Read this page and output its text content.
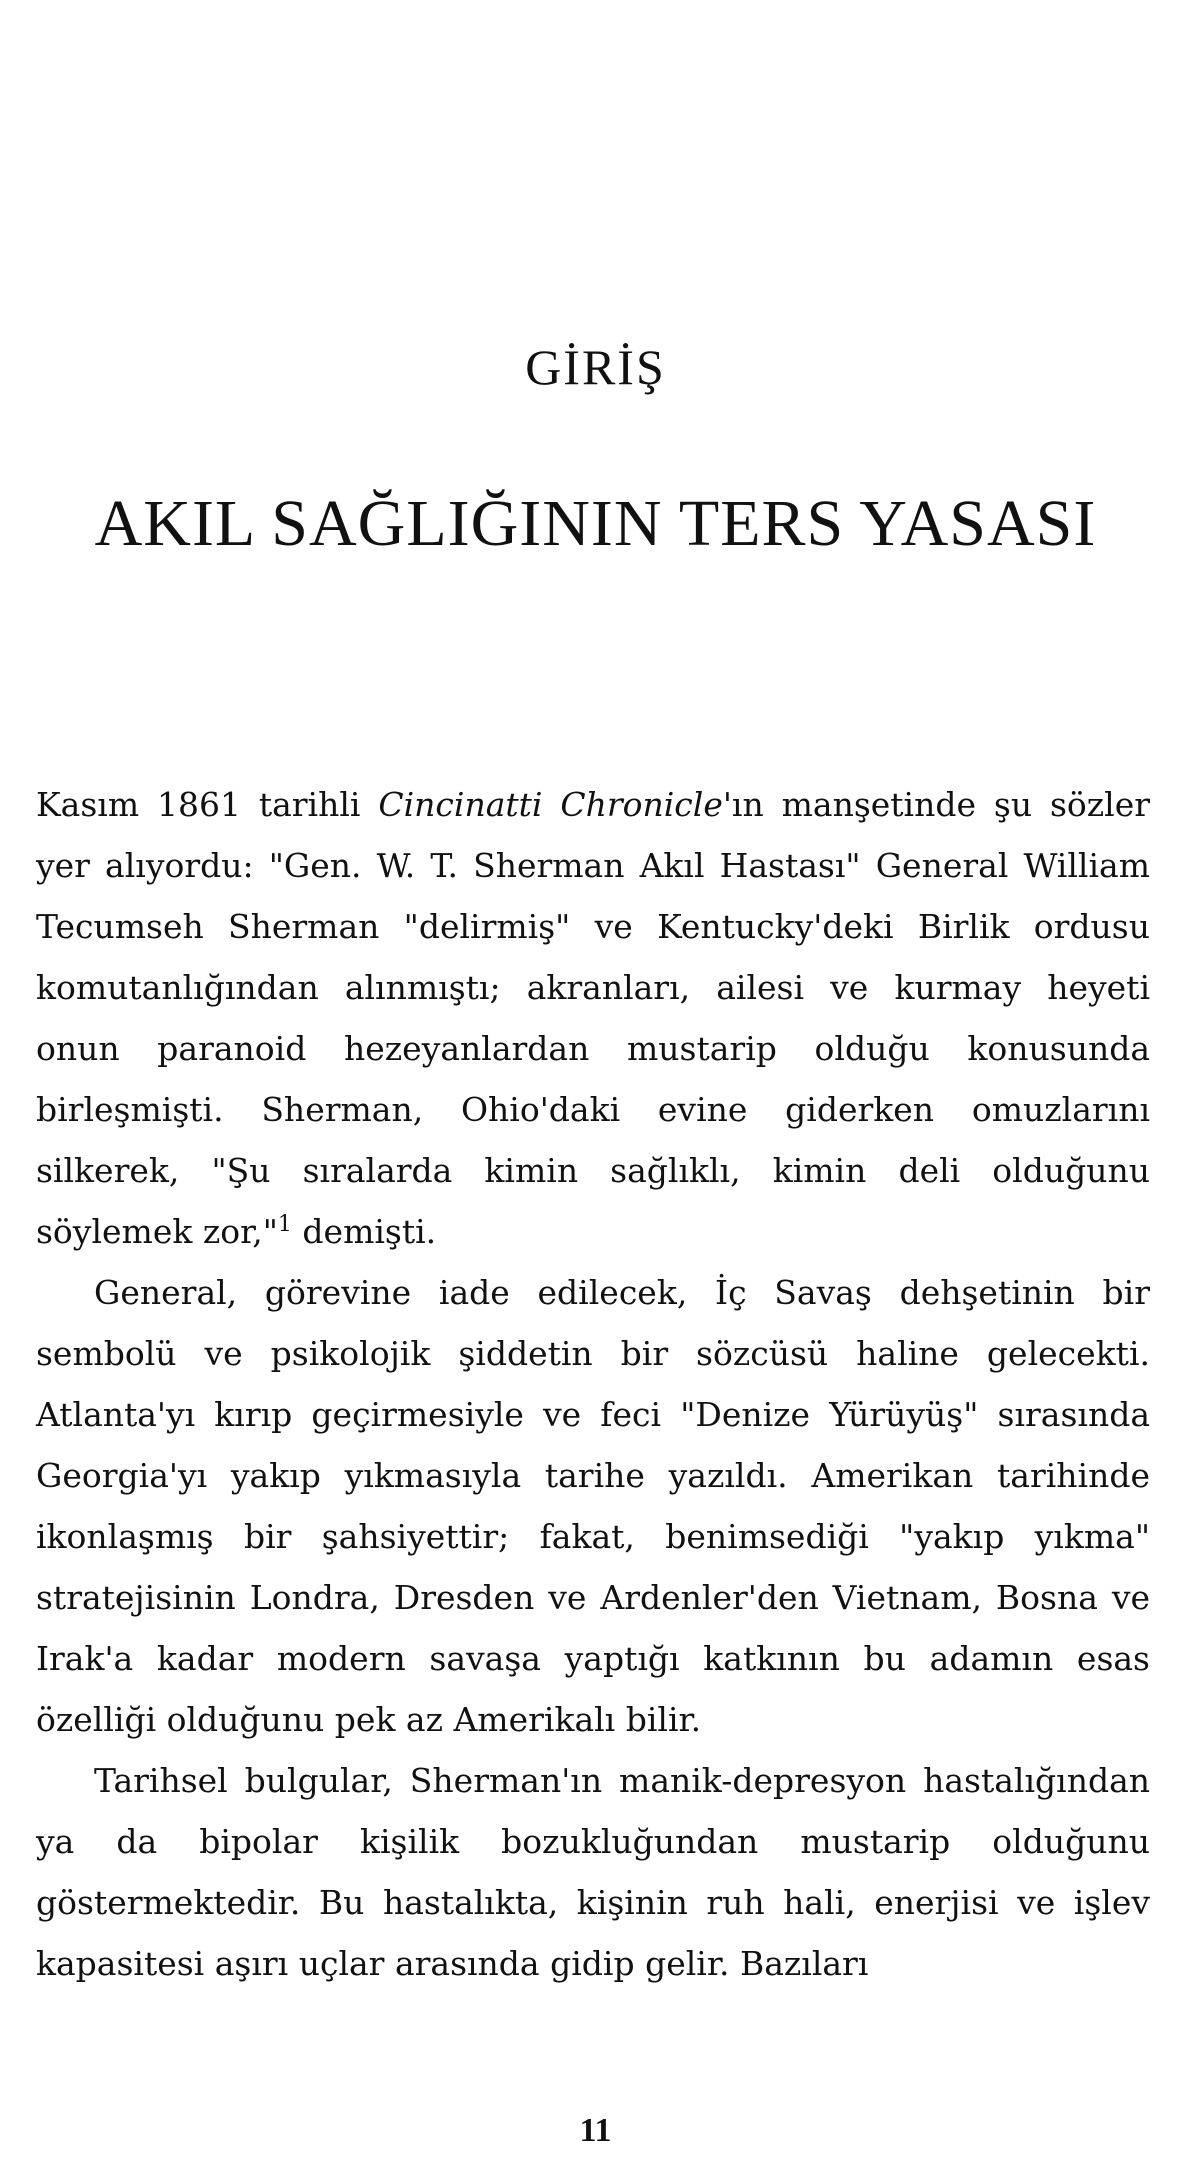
GİRİŞ
AKIL SAĞLIĞININ TERS YASASI

Kasım 1861 tarihli Cincinatti Chronicle'ın manşetinde şu sözler yer alıyordu: "Gen. W. T. Sherman Akıl Hastası" General William Tecumseh Sherman "delirmiş" ve Kentucky'deki Birlik ordusu komutanlığından alınmıştı; akranları, ailesi ve kurmay heyeti onun paranoid hezeyanlardan mustarip olduğu konusunda birleşmişti. Sherman, Ohio'daki evine giderken omuzlarını silkerek, "Şu sıralarda kimin sağlıklı, kimin deli olduğunu söylemek zor,"$^1$ demişti.

General, görevine iade edilecek, İç Savaş dehşetinin bir sembolü ve psikolojik şiddetin bir sözcüsü haline gelecekti. Atlanta'yı kırıp geçirmesiyle ve feci "Denize Yürüyüş" sırasında Georgia'yı yakıp yıkmasıyla tarihe yazıldı. Amerikan tarihinde ikonlaşmış bir şahsiyettir; fakat, benimsediği "yakıp yıkma" stratejisinin Londra, Dresden ve Ardenler'den Vietnam, Bosna ve Irak'a kadar modern savaşa yaptığı katkının bu adamın esas özelliği olduğunu pek az Amerikalı bilir.

Tarihsel bulgular, Sherman'ın manik-depresyon hastalığından ya da bipolar kişilik bozukluğundan mustarip olduğunu göstermektedir. Bu hastalıkta, kişinin ruh hali, enerjisi ve işlev kapasitesi aşırı uçlar arasında gidip gelir. Bazıları

11
